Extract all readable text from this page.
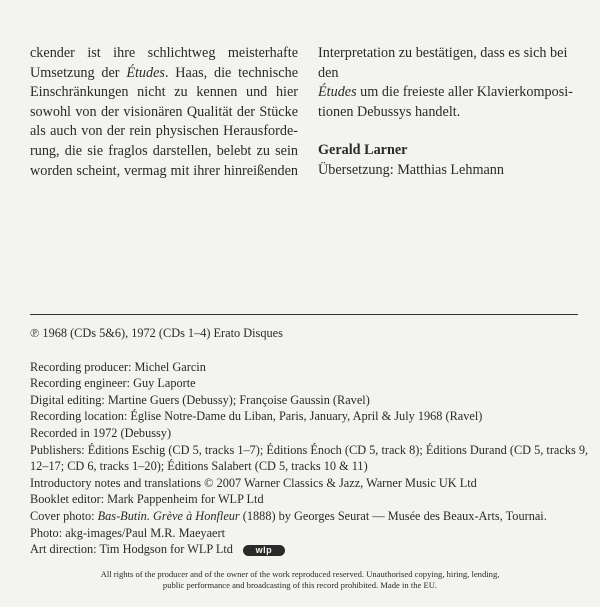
ckender ist ihre schlichtweg meisterhafte
Umsetzung der Études. Haas, die technische
Einschränkungen nicht zu kennen und hier
sowohl von der visionären Qualität der Stücke
als auch von der rein physischen Herausforde-
rung, die sie fraglos darstellen, belebt zu sein
worden scheint, vermag mit ihrer hinreißenden
Interpretation zu bestätigen, dass es sich bei den
Études um die freieste aller Klavierkomposi-
tionen Debussys handelt.
Gerald Larner
Übersetzung: Matthias Lehmann
℗ 1968 (CDs 5&6), 1972 (CDs 1–4) Erato Disques
Recording producer: Michel Garcin
Recording engineer: Guy Laporte
Digital editing: Martine Guers (Debussy); Françoise Gaussin (Ravel)
Recording location: Église Notre-Dame du Liban, Paris, January, April & July 1968 (Ravel)
Recorded in 1972 (Debussy)
Publishers: Éditions Eschig (CD 5, tracks 1–7); Éditions Énoch (CD 5, track 8); Éditions Durand (CD 5, tracks 9,
12–17; CD 6, tracks 1–20); Éditions Salabert (CD 5, tracks 10 & 11)
Introductory notes and translations © 2007 Warner Classics & Jazz, Warner Music UK Ltd
Booklet editor: Mark Pappenheim for WLP Ltd
Cover photo: Bas-Butin. Grève à Honfleur (1888) by Georges Seurat — Musée des Beaux-Arts, Tournai.
Photo: akg-images/Paul M.R. Maeyaert
Art direction: Tim Hodgson for WLP Ltd	wlp
All rights of the producer and of the owner of the work reproduced reserved. Unauthorised copying, hiring, lending,
public performance and broadcasting of this record prohibited. Made in the EU.
